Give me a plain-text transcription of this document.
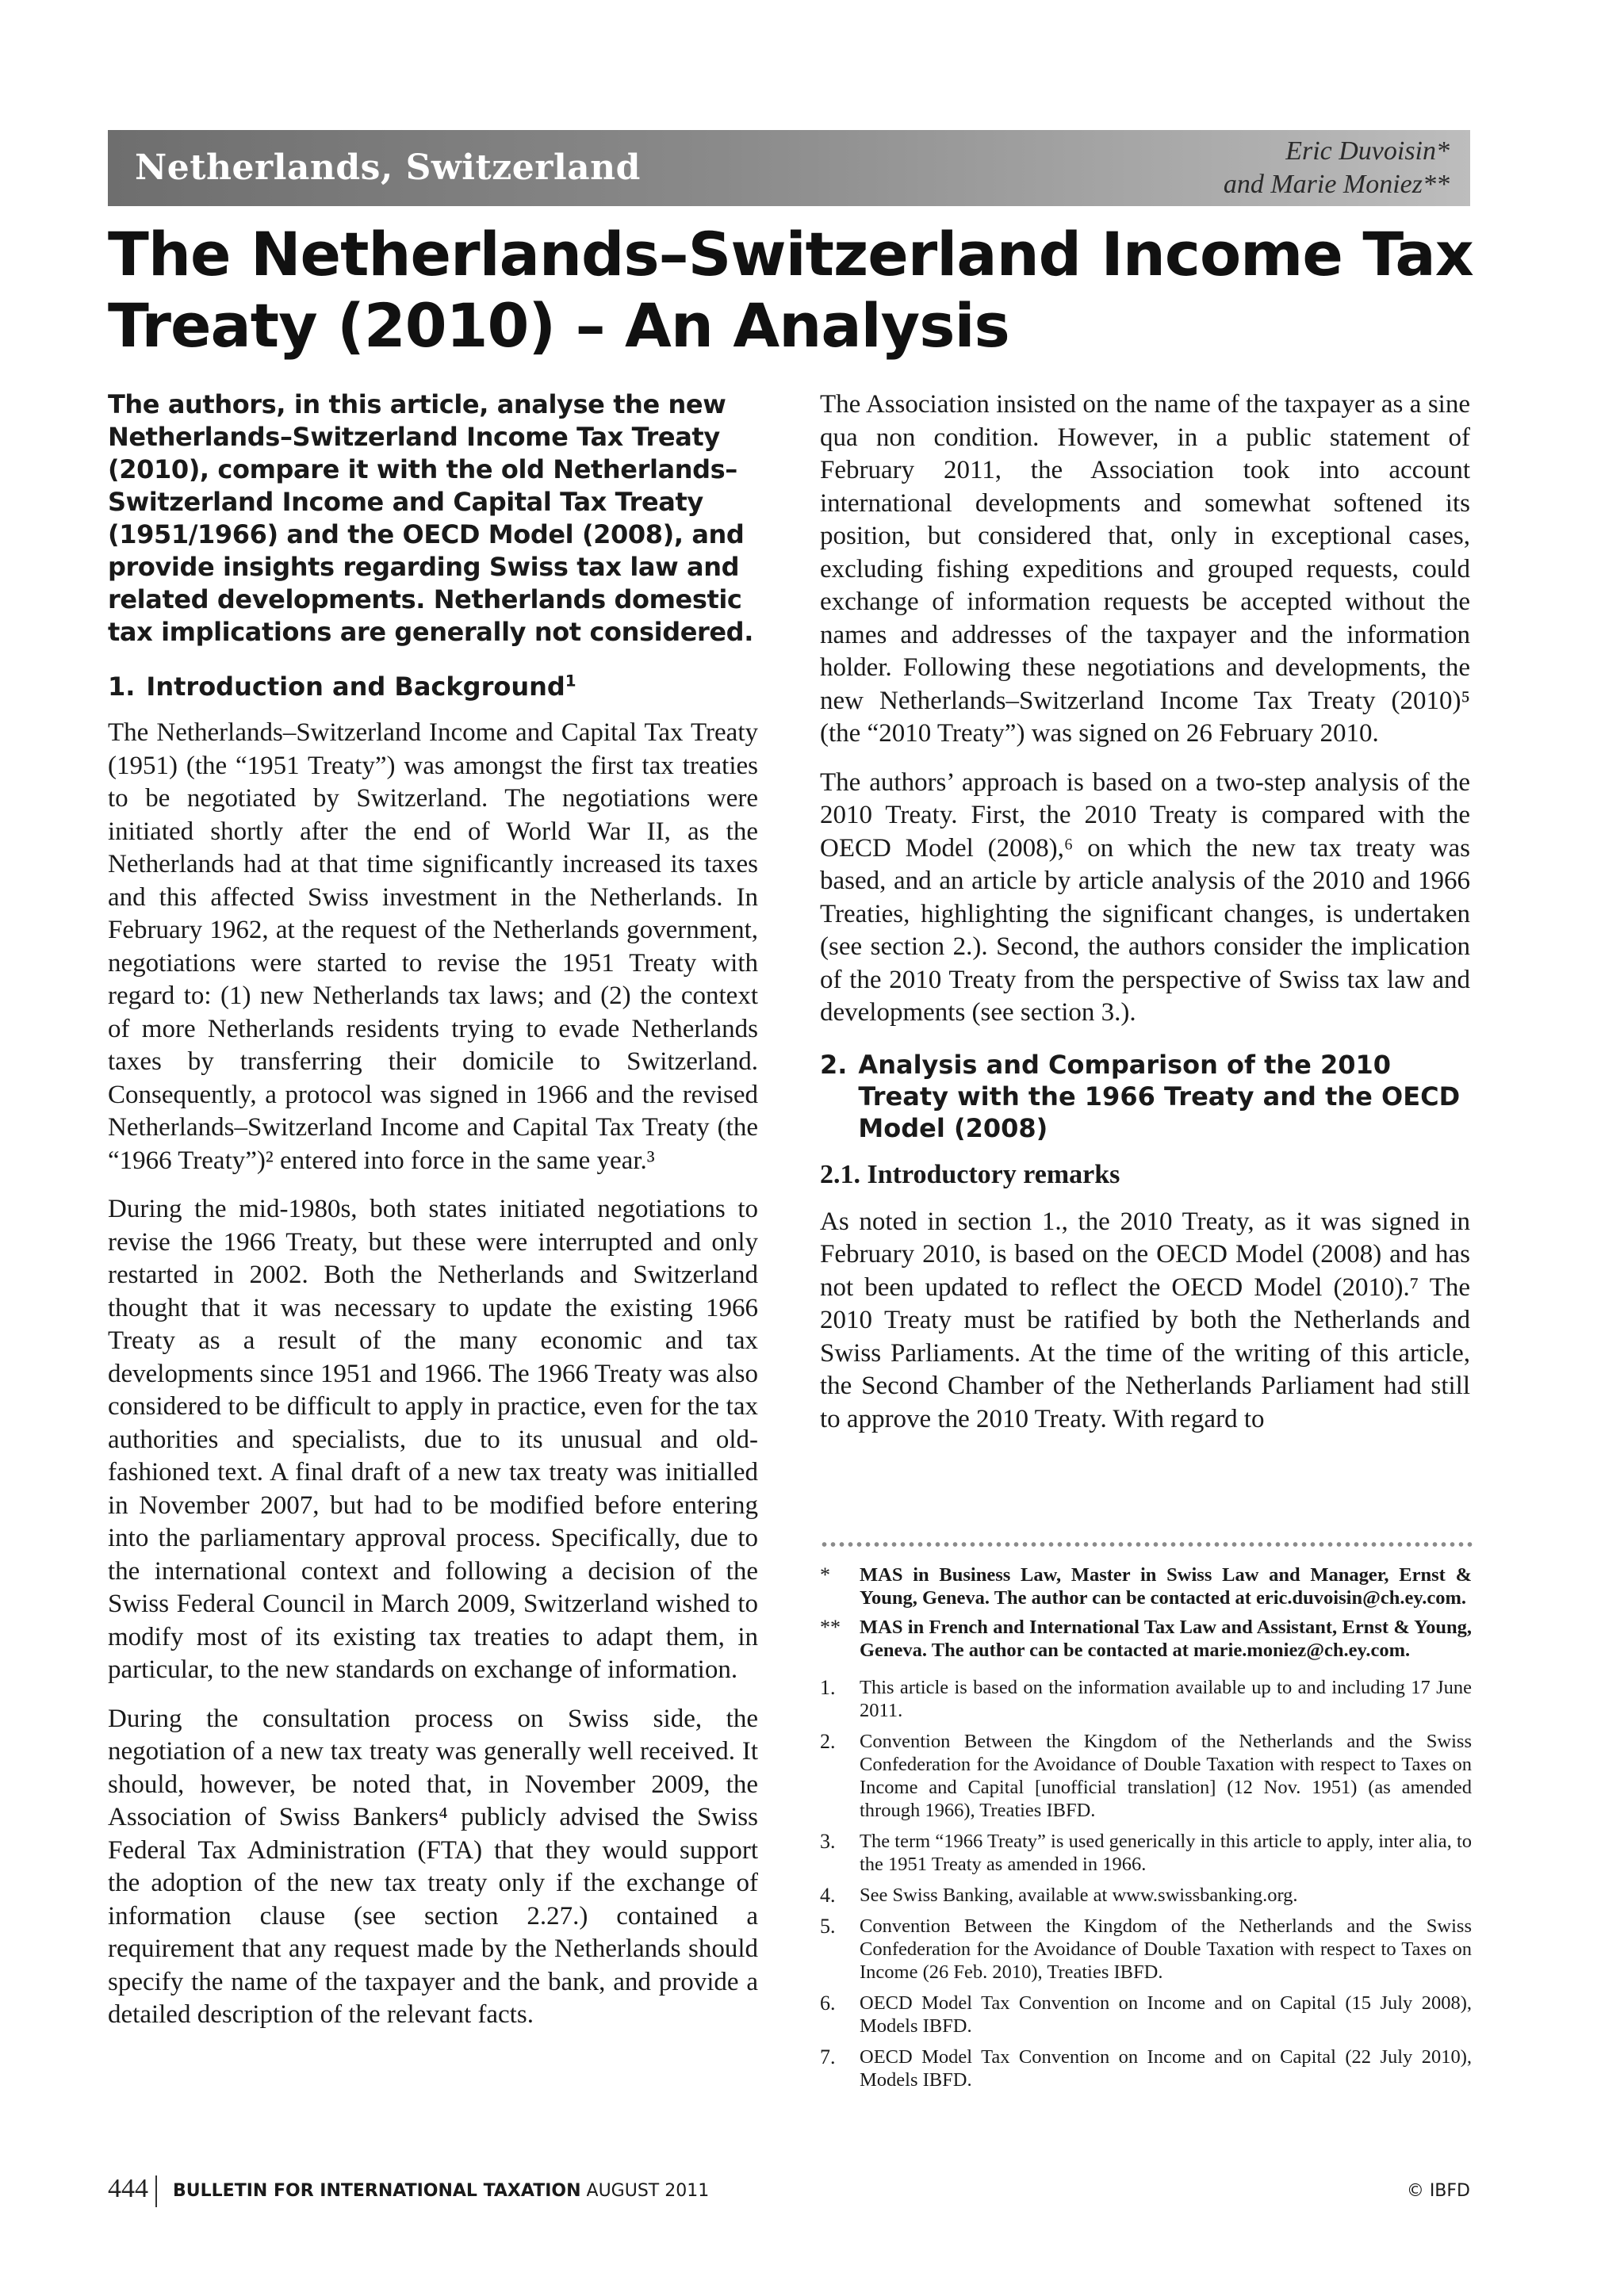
Netherlands, Switzerland	Eric Duvoisin*
and Marie Moniez**
The Netherlands–Switzerland Income Tax Treaty (2010) – An Analysis

The authors, in this article, analyse the new Netherlands–Switzerland Income Tax Treaty (2010), compare it with the old Netherlands–Switzerland Income and Capital Tax Treaty (1951/1966) and the OECD Model (2008), and provide insights regarding Swiss tax law and related developments. Netherlands domestic tax implications are generally not considered.

1. Introduction and Background$^1$

The Netherlands–Switzerland Income and Capital Tax Treaty (1951) (the “1951 Treaty”) was amongst the first tax treaties to be negotiated by Switzerland. The negotiations were initiated shortly after the end of World War II, as the Netherlands had at that time significantly increased its taxes and this affected Swiss investment in the Netherlands. In February 1962, at the request of the Netherlands government, negotiations were started to revise the 1951 Treaty with regard to: (1) new Netherlands tax laws; and (2) the context of more Netherlands residents trying to evade Netherlands taxes by transferring their domicile to Switzerland. Consequently, a protocol was signed in 1966 and the revised Netherlands–Switzerland Income and Capital Tax Treaty (the “1966 Treaty”)² entered into force in the same year.³

During the mid-1980s, both states initiated negotiations to revise the 1966 Treaty, but these were interrupted and only restarted in 2002. Both the Netherlands and Switzerland thought that it was necessary to update the existing 1966 Treaty as a result of the many economic and tax developments since 1951 and 1966. The 1966 Treaty was also considered to be difficult to apply in practice, even for the tax authorities and specialists, due to its unusual and old-fashioned text. A final draft of a new tax treaty was initialled in November 2007, but had to be modified before entering into the parliamentary approval process. Specifically, due to the international context and following a decision of the Swiss Federal Council in March 2009, Switzerland wished to modify most of its existing tax treaties to adapt them, in particular, to the new standards on exchange of information.

During the consultation process on Swiss side, the negotiation of a new tax treaty was generally well received. It should, however, be noted that, in November 2009, the Association of Swiss Bankers⁴ publicly advised the Swiss Federal Tax Administration (FTA) that they would support the adoption of the new tax treaty only if the exchange of information clause (see section 2.27.) contained a requirement that any request made by the Netherlands should specify the name of the taxpayer and the bank, and provide a detailed description of the relevant facts.

The Association insisted on the name of the taxpayer as a sine qua non condition. However, in a public statement of February 2011, the Association took into account international developments and somewhat softened its position, but considered that, only in exceptional cases, excluding fishing expeditions and grouped requests, could exchange of information requests be accepted without the names and addresses of the taxpayer and the information holder. Following these negotiations and developments, the new Netherlands–Switzerland Income Tax Treaty (2010)⁵ (the “2010 Treaty”) was signed on 26 February 2010.

The authors’ approach is based on a two-step analysis of the 2010 Treaty. First, the 2010 Treaty is compared with the OECD Model (2008),⁶ on which the new tax treaty was based, and an article by article analysis of the 2010 and 1966 Treaties, highlighting the significant changes, is undertaken (see section 2.). Second, the authors consider the implication of the 2010 Treaty from the perspective of Swiss tax law and developments (see section 3.).

2. Analysis and Comparison of the 2010 Treaty with the 1966 Treaty and the OECD Model (2008)
2.1. Introductory remarks

As noted in section 1., the 2010 Treaty, as it was signed in February 2010, is based on the OECD Model (2008) and has not been updated to reflect the OECD Model (2010).⁷ The 2010 Treaty must be ratified by both the Netherlands and Swiss Parliaments. At the time of the writing of this article, the Second Chamber of the Netherlands Parliament had still to approve the 2010 Treaty. With regard to

*	MAS in Business Law, Master in Swiss Law and Manager, Ernst & Young, Geneva. The author can be contacted at eric.duvoisin@ch.ey.com.
** MAS in French and International Tax Law and Assistant, Ernst & Young, Geneva. The author can be contacted at marie.moniez@ch.ey.com.
1.	This article is based on the information available up to and including 17 June 2011.
2.	Convention Between the Kingdom of the Netherlands and the Swiss Confederation for the Avoidance of Double Taxation with respect to Taxes on Income and Capital [unofficial translation] (12 Nov. 1951) (as amended through 1966), Treaties IBFD.
3.	The term “1966 Treaty” is used generically in this article to apply, inter alia, to the 1951 Treaty as amended in 1966.
4.	See Swiss Banking, available at www.swissbanking.org.
5.	Convention Between the Kingdom of the Netherlands and the Swiss Confederation for the Avoidance of Double Taxation with respect to Taxes on Income (26 Feb. 2010), Treaties IBFD.
6.	OECD Model Tax Convention on Income and on Capital (15 July 2008), Models IBFD.
7.	OECD Model Tax Convention on Income and on Capital (22 July 2010), Models IBFD.
444 BULLETIN FOR INTERNATIONAL TAXATION AUGUST 2011	© IBFD
